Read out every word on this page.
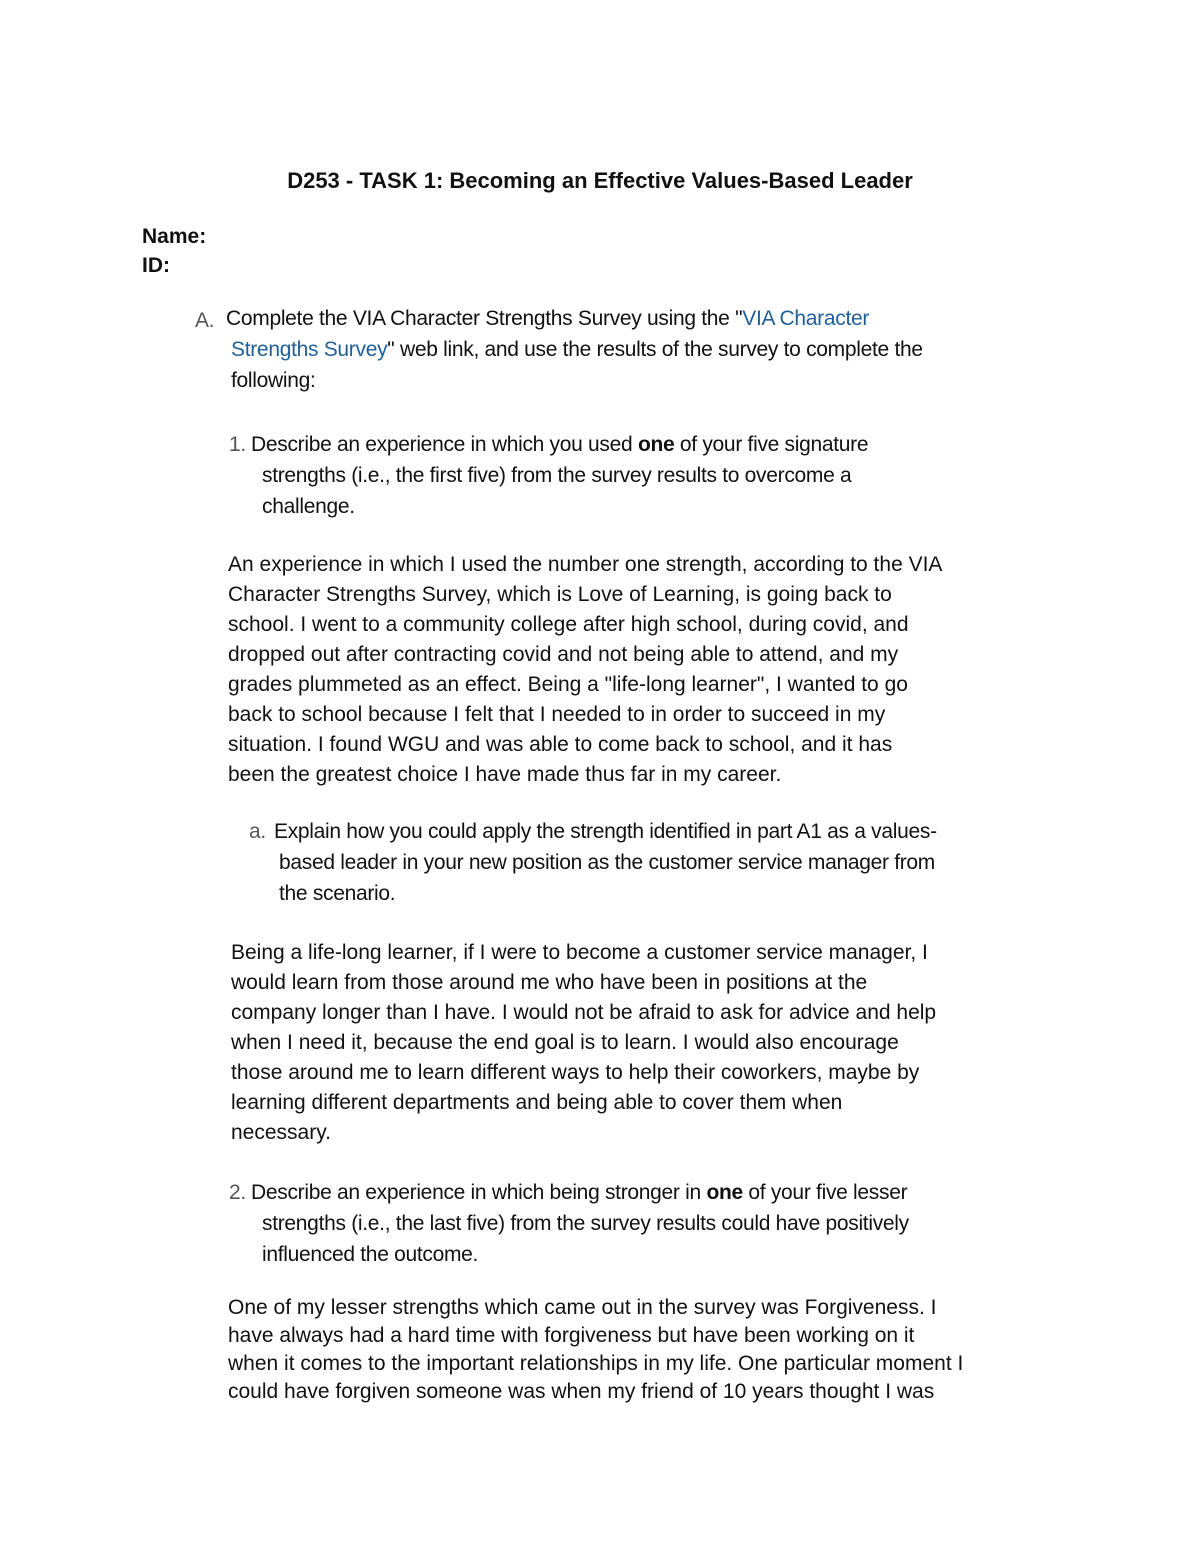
D253 - TASK 1: Becoming an Effective Values-Based Leader
Name:
ID:
A. Complete the VIA Character Strengths Survey using the "VIA Character
Strengths Survey" web link, and use the results of the survey to complete the
following:
1. Describe an experience in which you used one of your five signature
strengths (i.e., the first five) from the survey results to overcome a
challenge.
An experience in which I used the number one strength, according to the VIA
Character Strengths Survey, which is Love of Learning, is going back to
school. I went to a community college after high school, during covid, and
dropped out after contracting covid and not being able to attend, and my
grades plummeted as an effect. Being a "life-long learner", I wanted to go
back to school because I felt that I needed to in order to succeed in my
situation. I found WGU and was able to come back to school, and it has
been the greatest choice I have made thus far in my career.
a. Explain how you could apply the strength identified in part A1 as a values-
based leader in your new position as the customer service manager from
the scenario.
Being a life-long learner, if I were to become a customer service manager, I
would learn from those around me who have been in positions at the
company longer than I have. I would not be afraid to ask for advice and help
when I need it, because the end goal is to learn. I would also encourage
those around me to learn different ways to help their coworkers, maybe by
learning different departments and being able to cover them when
necessary.
2. Describe an experience in which being stronger in one of your five lesser
strengths (i.e., the last five) from the survey results could have positively
influenced the outcome.
One of my lesser strengths which came out in the survey was Forgiveness. I
have always had a hard time with forgiveness but have been working on it
when it comes to the important relationships in my life. One particular moment I
could have forgiven someone was when my friend of 10 years thought I was
